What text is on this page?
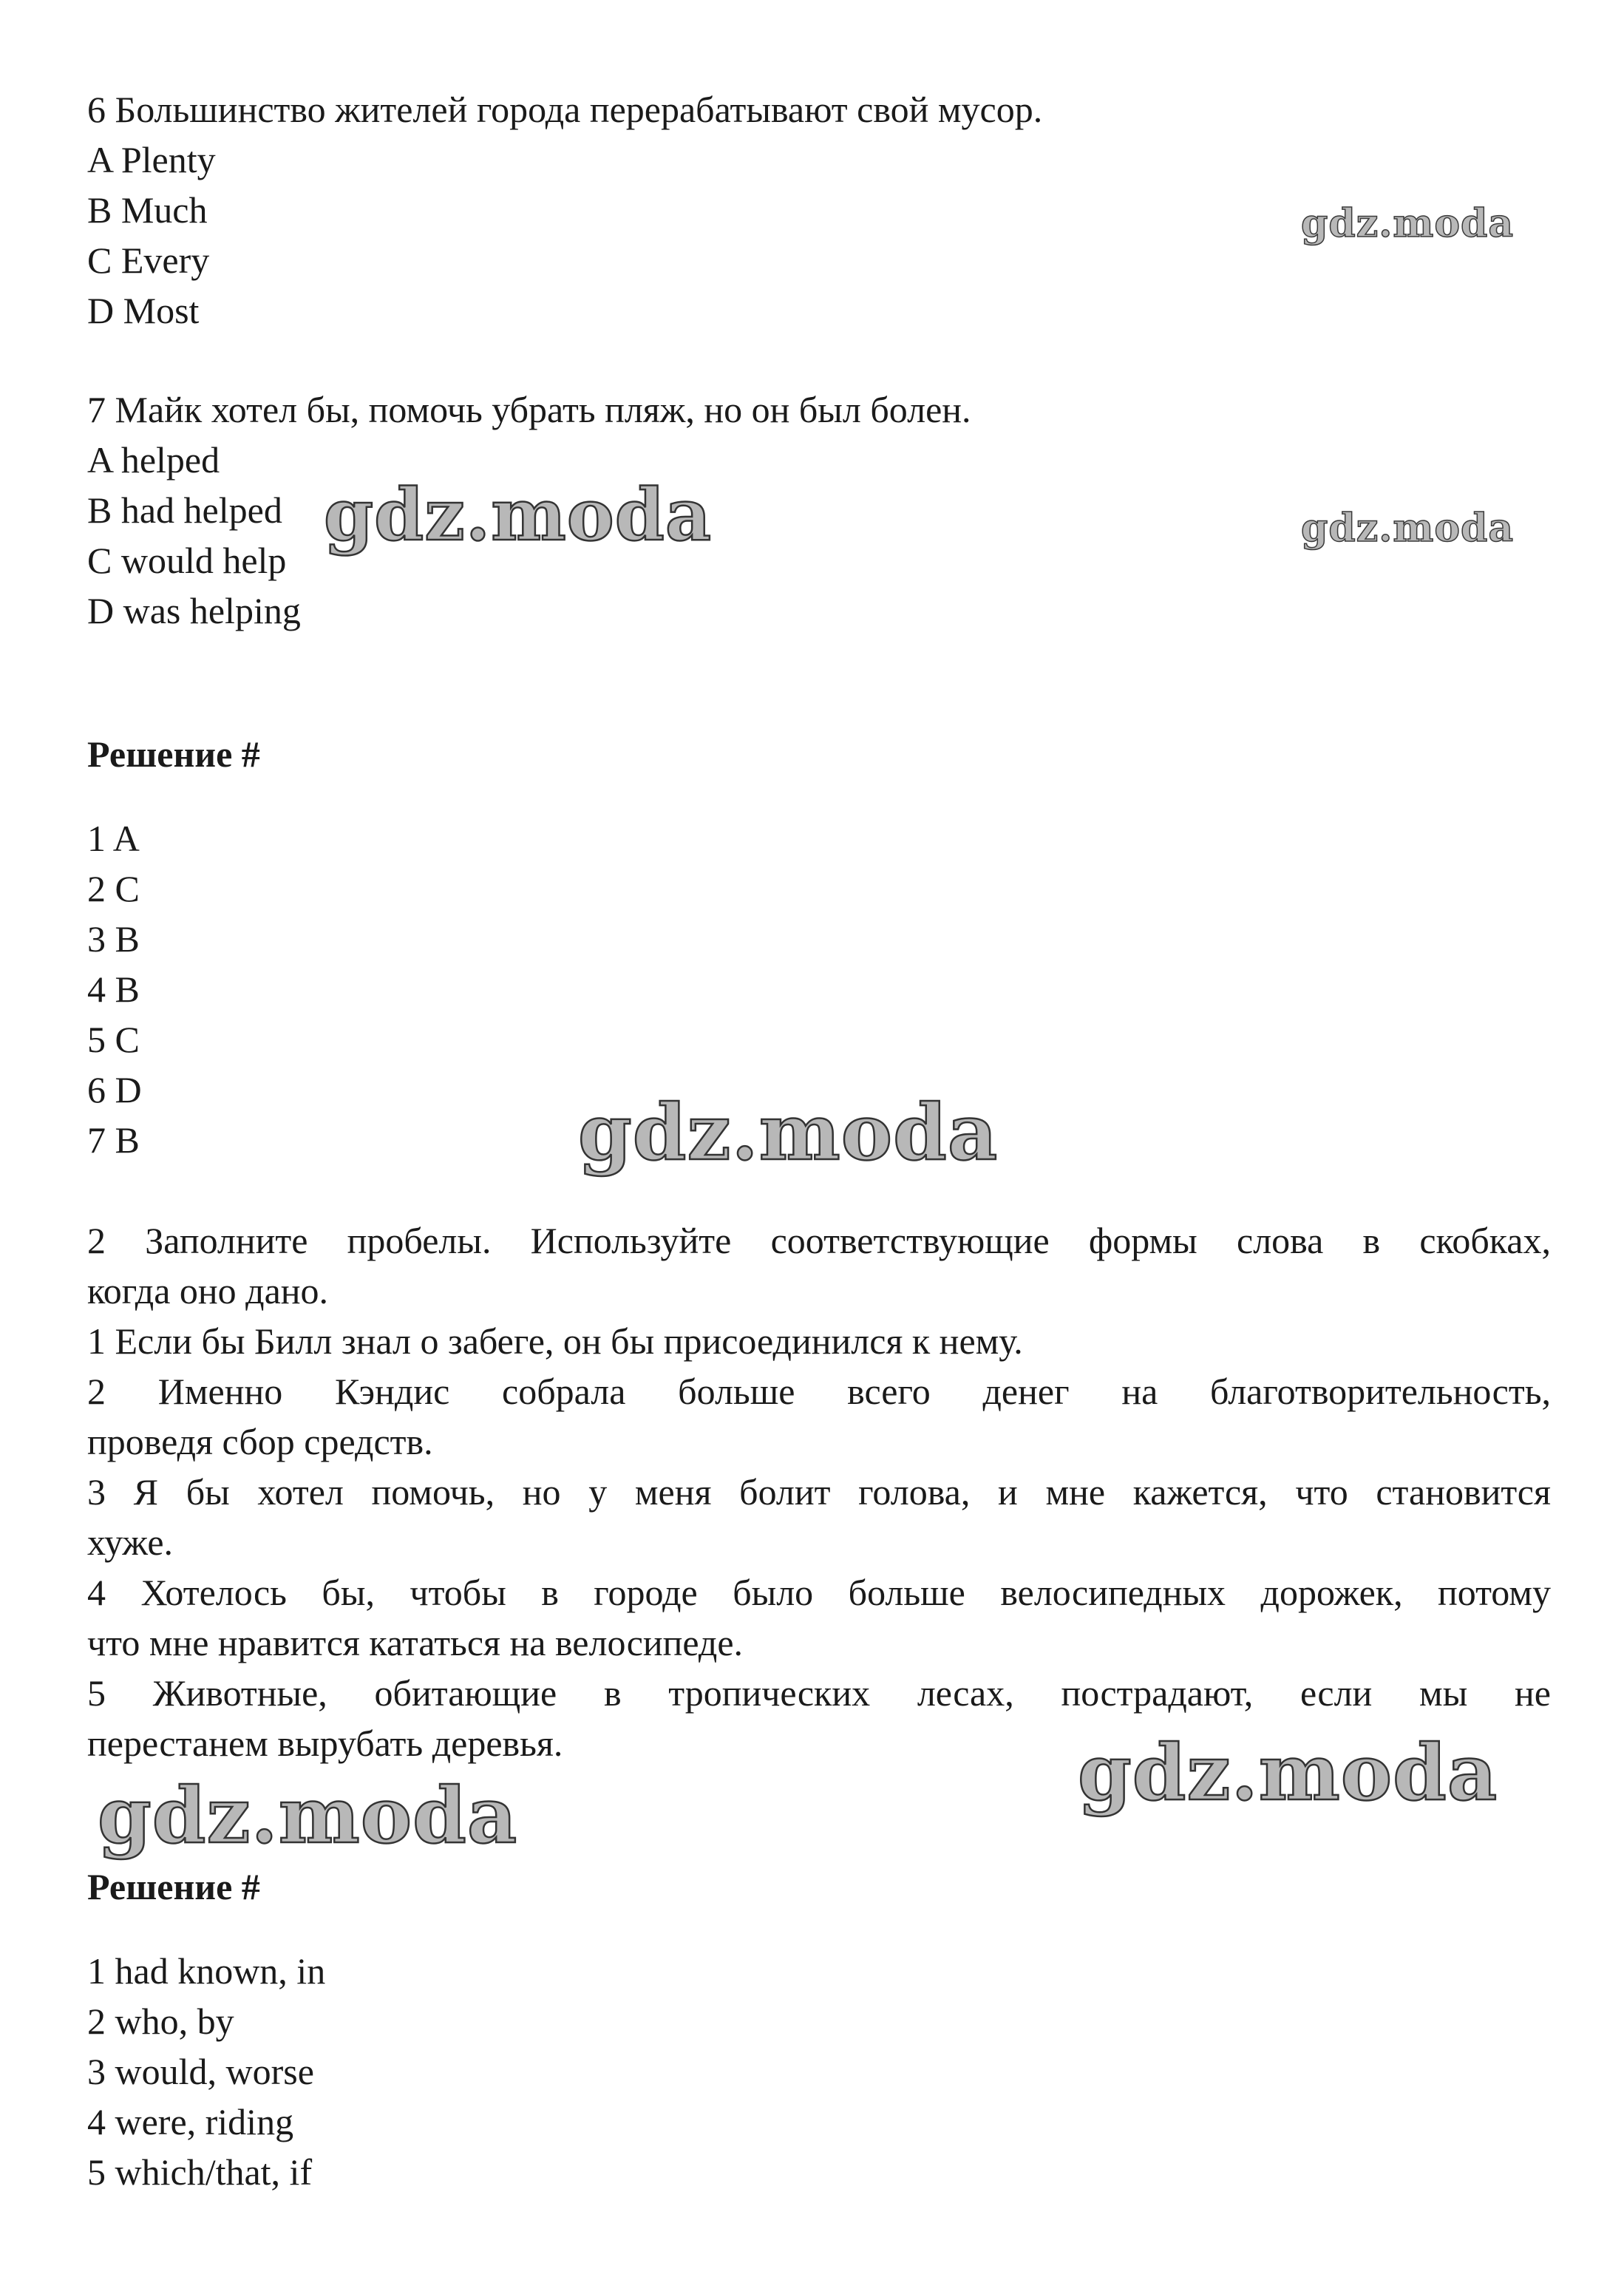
6 Большинство жителей города перерабатывают свой мусор.
A Plenty
B Much
C Every
D Most
7 Майк хотел бы, помочь убрать пляж, но он был болен.
A helped
B had helped
C would help
D was helping
Решение #
1 A
2 C
3 B
4 B
5 C
6 D
7 B
2 Заполните пробелы. Используйте соответствующие формы слова в скобках,
когда оно дано.
1 Если бы Билл знал о забеге, он бы присоединился к нему.
2 Именно Кэндис собрала больше всего денег на благотворительность,
проведя сбор средств.
3 Я бы хотел помочь, но у меня болит голова, и мне кажется, что становится
хуже.
4 Хотелось бы, чтобы в городе было больше велосипедных дорожек, потому
что мне нравится кататься на велосипеде.
5 Животные, обитающие в тропических лесах, пострадают, если мы не
перестанем вырубать деревья.
Решение #
1 had known, in
2 who, by
3 would, worse
4 were, riding
5 which/that, if
gdz.moda
gdz.moda
gdz.moda
gdz.moda
gdz.moda
gdz.moda
